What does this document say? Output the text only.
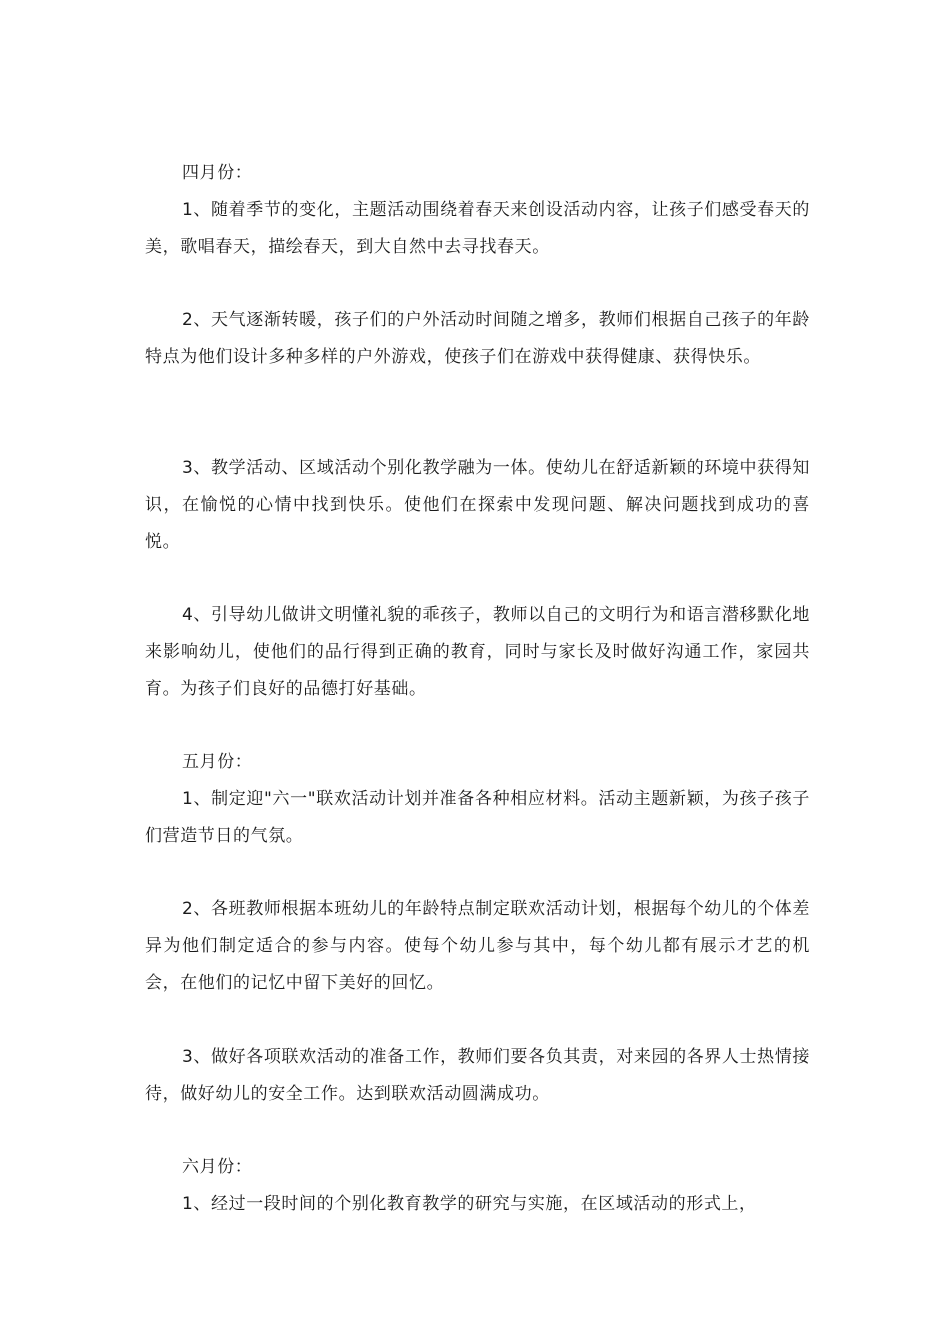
四月份：

1、随着季节的变化，主题活动围绕着春天来创设活动内容，让孩子们感受春天的美，歌唱春天，描绘春天，到大自然中去寻找春天。

2、天气逐渐转暖，孩子们的户外活动时间随之增多，教师们根据自己孩子的年龄特点为他们设计多种多样的户外游戏，使孩子们在游戏中获得健康、获得快乐。

3、教学活动、区域活动个别化教学融为一体。使幼儿在舒适新颖的环境中获得知识，在愉悦的心情中找到快乐。使他们在探索中发现问题、解决问题找到成功的喜悦。

4、引导幼儿做讲文明懂礼貌的乖孩子，教师以自己的文明行为和语言潜移默化地来影响幼儿，使他们的品行得到正确的教育，同时与家长及时做好沟通工作，家园共育。为孩子们良好的品德打好基础。

五月份：

1、制定迎"六一"联欢活动计划并准备各种相应材料。活动主题新颖，为孩子孩子们营造节日的气氛。

2、各班教师根据本班幼儿的年龄特点制定联欢活动计划，根据每个幼儿的个体差异为他们制定适合的参与内容。使每个幼儿参与其中，每个幼儿都有展示才艺的机会，在他们的记忆中留下美好的回忆。

3、做好各项联欢活动的准备工作，教师们要各负其责，对来园的各界人士热情接待，做好幼儿的安全工作。达到联欢活动圆满成功。

六月份：

1、经过一段时间的个别化教育教学的研究与实施，在区域活动的形式上，
